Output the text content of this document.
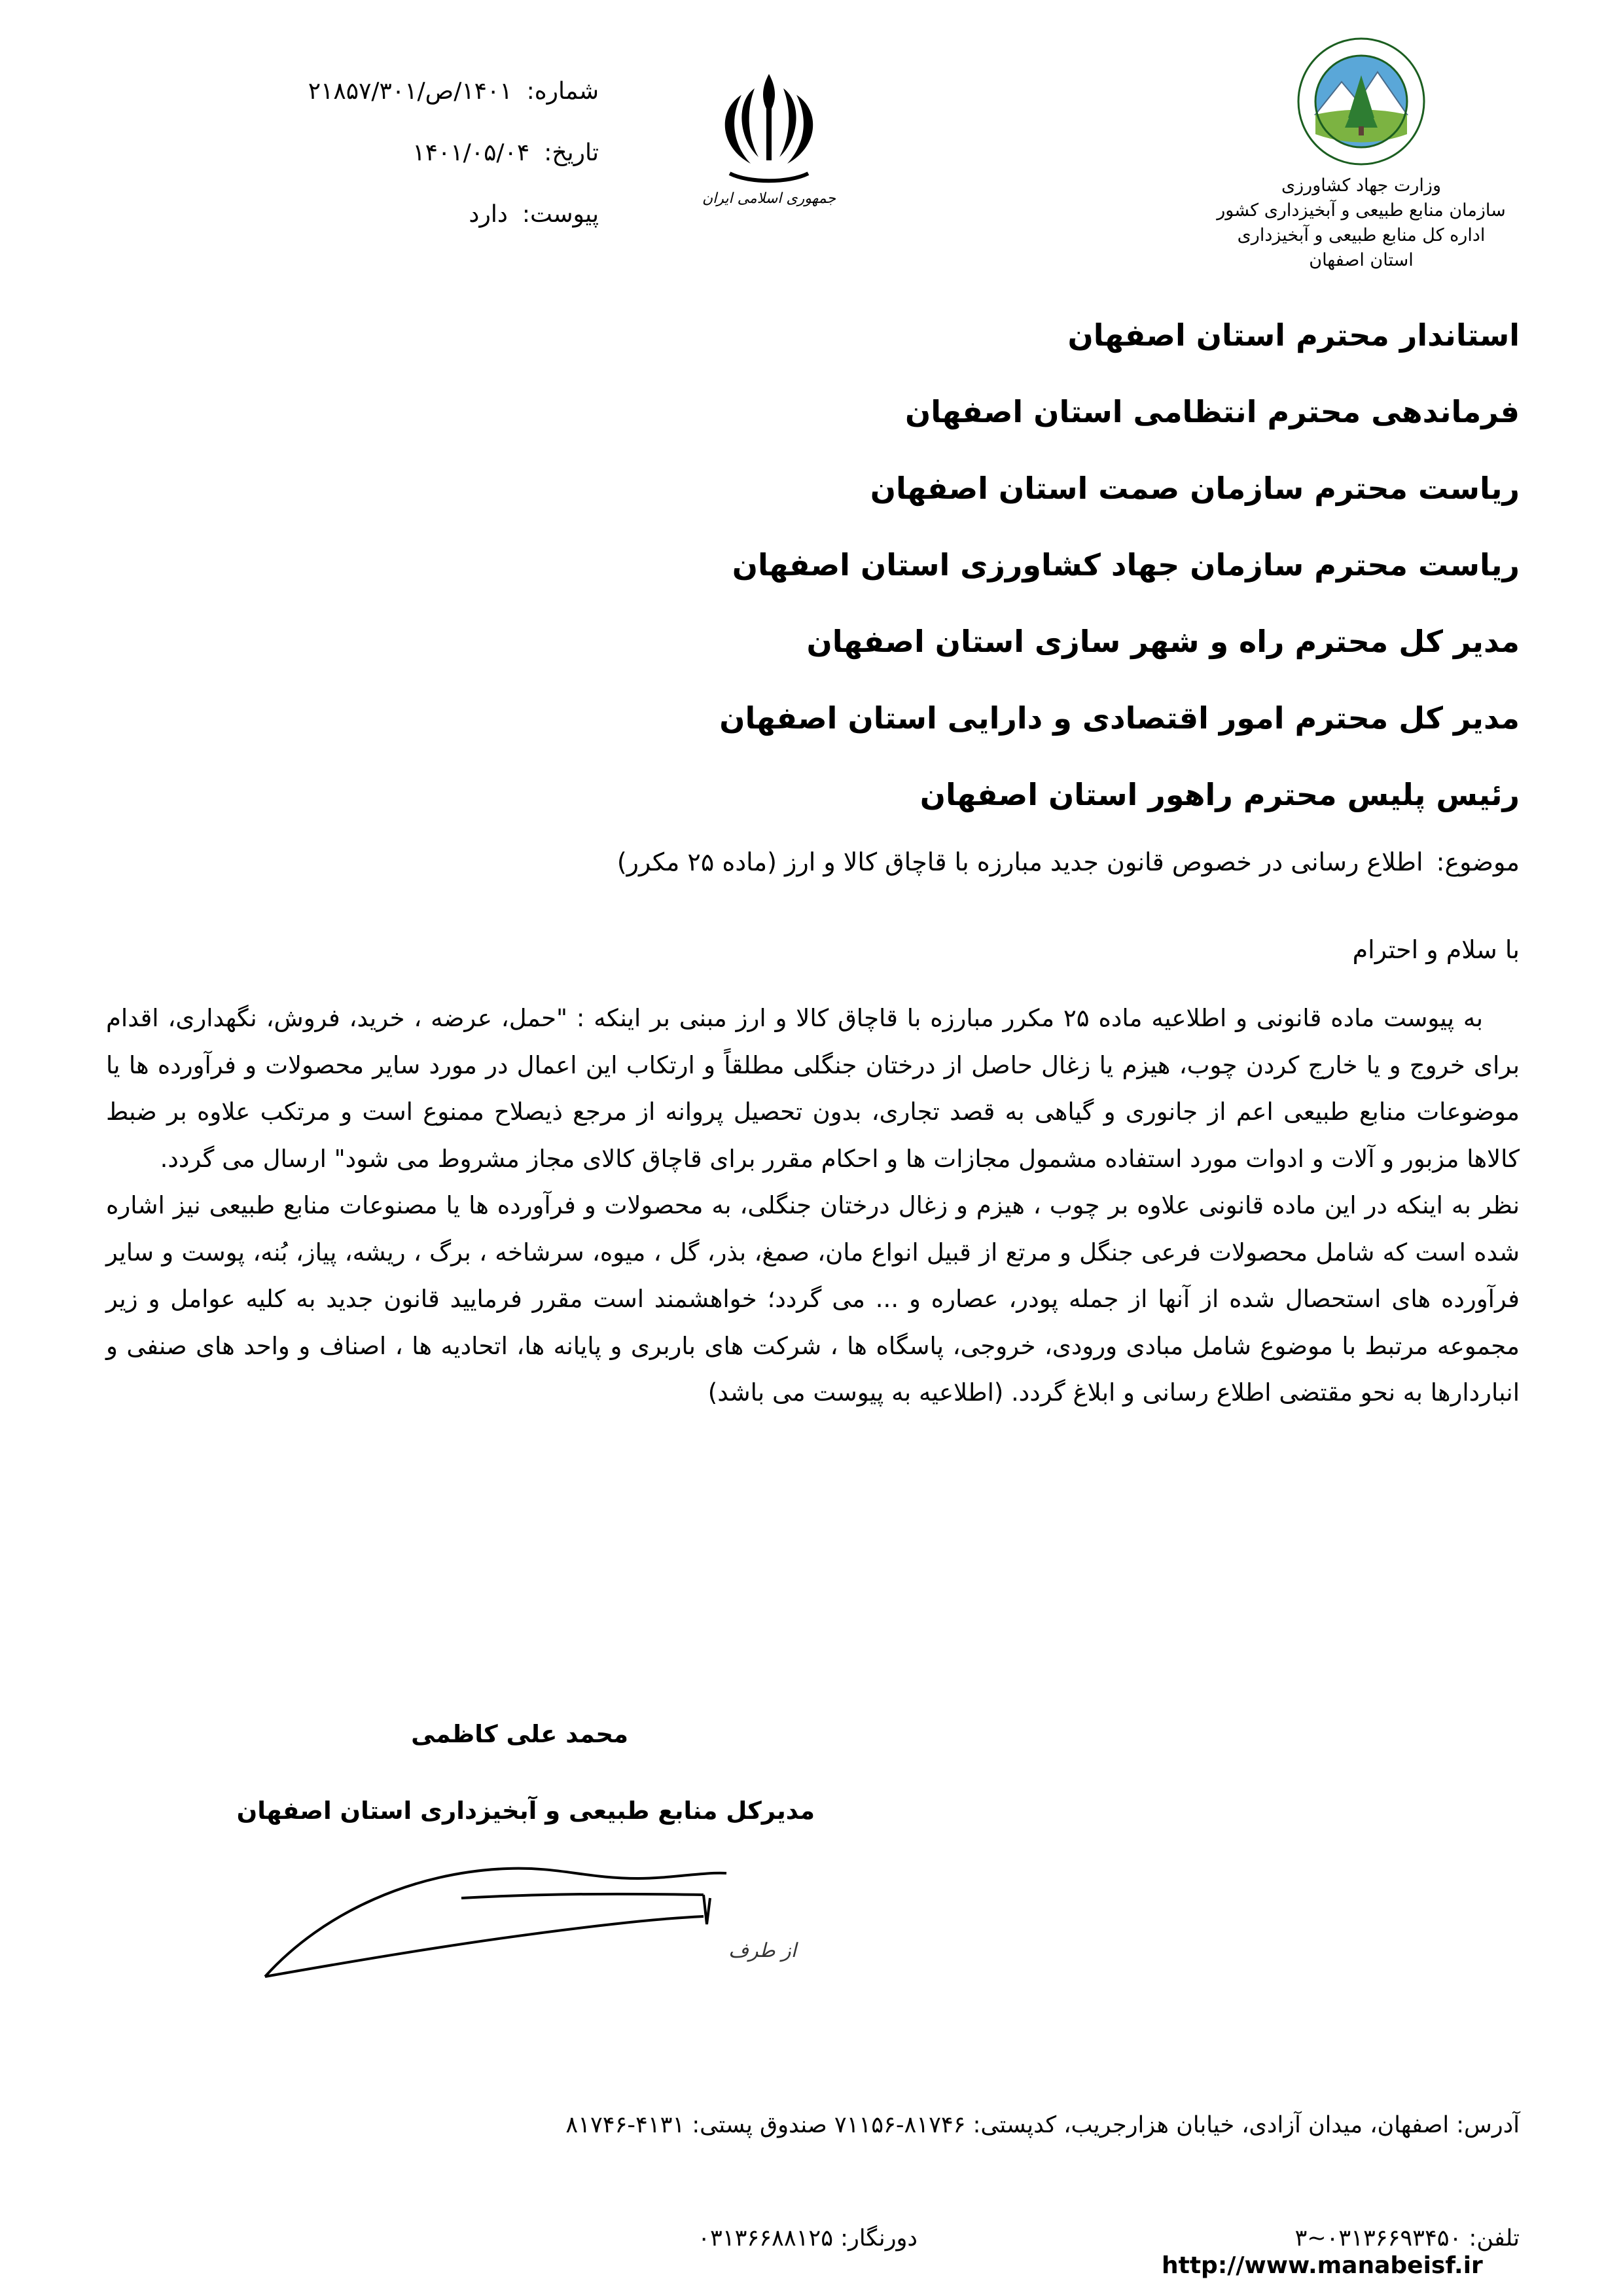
وزارت جهاد کشاورزی
سازمان منابع طبیعی و آبخیزداری کشور
اداره کل منابع طبیعی و آبخیزداری
استان اصفهان
جمهوری اسلامی ایران
شماره:
۱۴۰۱/ص/۲۱۸۵۷/۳۰۱
تاریخ:
۱۴۰۱/۰۵/۰۴
پیوست:
دارد
استاندار محترم استان اصفهان
فرماندهی محترم انتظامی استان اصفهان
ریاست محترم سازمان صمت استان اصفهان
ریاست محترم سازمان جهاد کشاورزی استان اصفهان
مدیر کل محترم راه و شهر سازی استان اصفهان
مدیر کل محترم امور اقتصادی و دارایی استان اصفهان
رئیس پلیس محترم راهور استان اصفهان
موضوع: اطلاع رسانی در خصوص قانون جدید مبارزه با قاچاق کالا و ارز (ماده ۲۵ مکرر)
با سلام و احترام

به پیوست ماده قانونی و اطلاعیه ماده ۲۵ مکرر مبارزه با قاچاق کالا و ارز مبنی بر اینکه : "حمل، عرضه ، خرید، فروش، نگهداری، اقدام برای خروج و یا خارج کردن چوب، هیزم یا زغال حاصل از درختان جنگلی مطلقاً و ارتکاب این اعمال در مورد سایر محصولات و فرآورده ها یا موضوعات منابع طبیعی اعم از جانوری و گیاهی به قصد تجاری، بدون تحصیل پروانه از مرجع ذیصلاح ممنوع است و مرتکب علاوه بر ضبط کالاها مزبور و آلات و ادوات مورد استفاده مشمول مجازات ها و احکام مقرر برای قاچاق کالای مجاز مشروط می شود" ارسال می گردد.

نظر به اینکه در این ماده قانونی علاوه بر چوب ، هیزم و زغال درختان جنگلی، به محصولات و فرآورده ها یا مصنوعات منابع طبیعی نیز اشاره شده است که شامل محصولات فرعی جنگل و مرتع از قبیل انواع مان، صمغ، بذر، گل ، میوه، سرشاخه ، برگ ، ریشه، پیاز، بُنه، پوست و سایر فرآورده های استحصال شده از آنها از جمله پودر، عصاره و ... می گردد؛ خواهشمند است مقرر فرمایید قانون جدید به کلیه عوامل و زیر مجموعه مرتبط با موضوع شامل مبادی ورودی، خروجی، پاسگاه ها ، شرکت های باربری و پایانه ها، اتحادیه ها ، اصناف و واحد های صنفی و انباردارها به نحو مقتضی اطلاع رسانی و ابلاغ گردد. (اطلاعیه به پیوست می باشد)

محمد علی کاظمی
مدیرکل منابع طبیعی و آبخیزداری استان اصفهان
از طرف
آدرس: اصفهان، میدان آزادی، خیابان هزارجریب، کدپستی: ۸۱۷۴۶-۷۱۱۵۶ صندوق پستی: ۴۱۳۱-۸۱۷۴۶
تلفن: ۰۳۱۳۶۶۹۳۴۵۰~۳
دورنگار: ۰۳۱۳۶۶۸۸۱۲۵
http://www.manabeisf.ir
